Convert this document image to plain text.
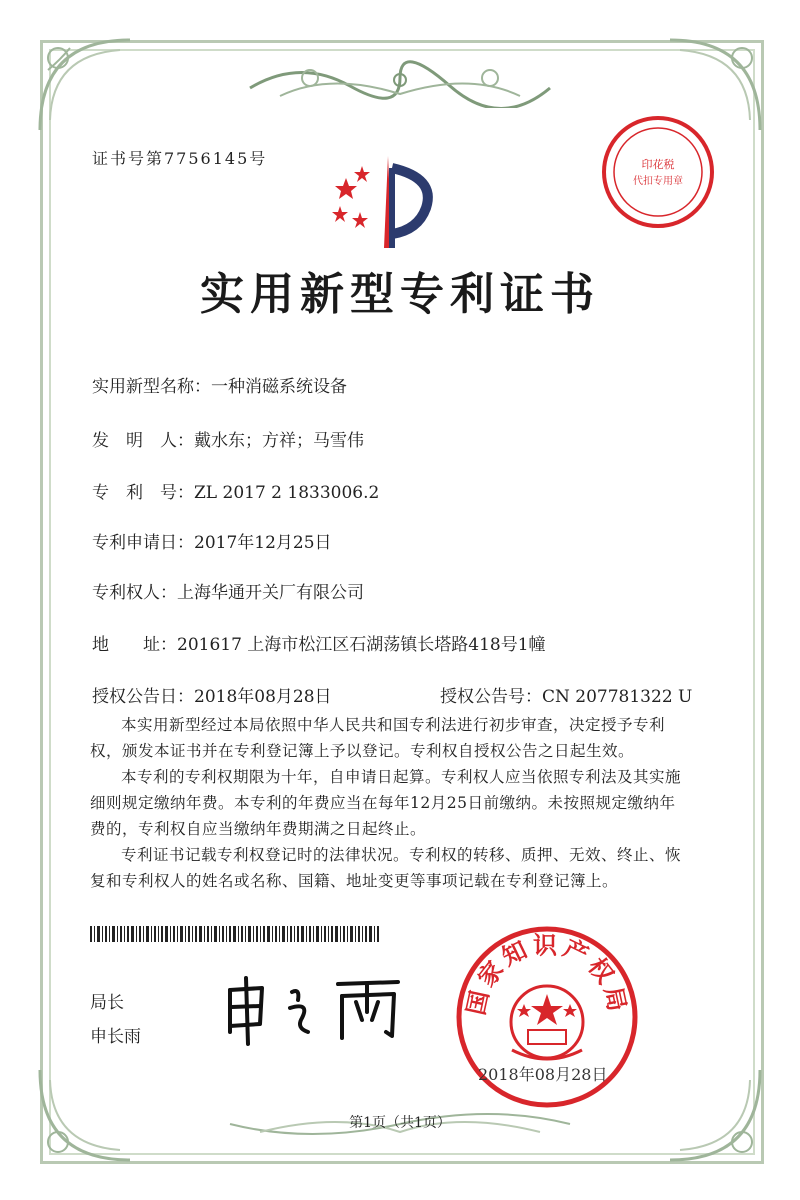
证书号第7756145号	印花税
代扣专用章
实用新型专利证书
实用新型名称：一种消磁系统设备
发　明　人：戴水东；方祥；马雪伟
专　利　号：ZL 2017 2 1833006.2
专利申请日：2017年12月25日
专利权人：上海华通开关厂有限公司
地　　址：201617 上海市松江区石湖荡镇长塔路418号1幢
授权公告日：2018年08月28日	授权公告号：CN 207781322 U

本实用新型经过本局依照中华人民共和国专利法进行初步审查，决定授予专利权，颁发本证书并在专利登记簿上予以登记。专利权自授权公告之日起生效。

本专利的专利权期限为十年，自申请日起算。专利权人应当依照专利法及其实施细则规定缴纳年费。本专利的年费应当在每年12月25日前缴纳。未按照规定缴纳年费的，专利权自应当缴纳年费期满之日起终止。

专利证书记载专利权登记时的法律状况。专利权的转移、质押、无效、终止、恢复和专利权人的姓名或名称、国籍、地址变更等事项记载在专利登记簿上。

局长
申长雨
国家知识产权局
2018年08月28日
第1页（共1页）
